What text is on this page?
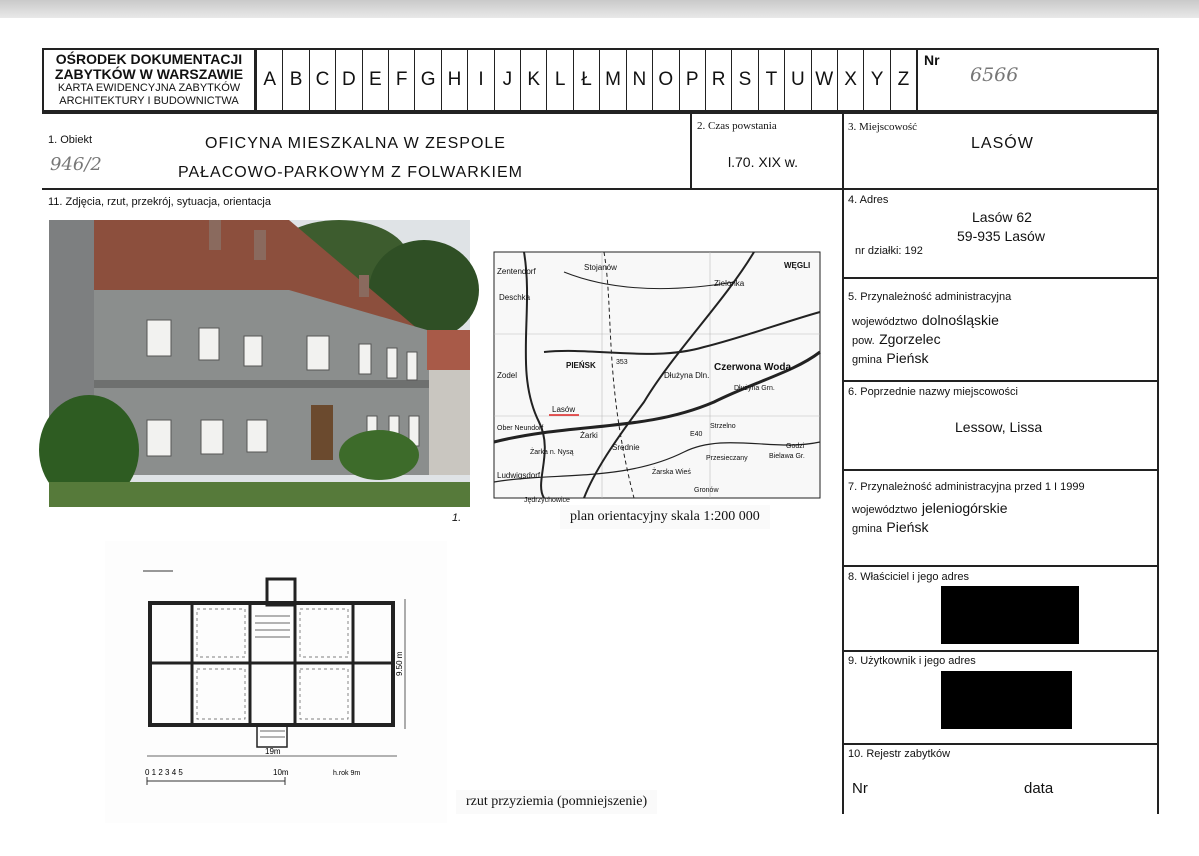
OŚRODEK DOKUMENTACJI
ZABYTKÓW W WARSZAWIE
KARTA EWIDENCYJNA ZABYTKÓW
ARCHITEKTURY I BUDOWNICTWA
A B C D E F G H I	J K L Ł M N O P R S T U W X Y Z
Nr
6566
1. Obiekt
946/2
OFICYNA MIESZKALNA W ZESPOLE
PAŁACOWO-PARKOWYM Z FOLWARKIEM
2. Czas powstania
l.70. XIX w.
3. Miejscowość
LASÓW
4. Adres
Lasów 62
59-935 Lasów
nr działki: 192
5. Przynależność administracyjna
województwo dolnośląskie
pow. Zgorzelec
gmina Pieńsk
6. Poprzednie nazwy miejscowości
Lessow, Lissa
7. Przynależność administracyjna przed 1 I 1999
województwo jeleniogórskie
gmina Pieńsk
8. Właściciel i jego adres
9. Użytkownik i jego adres
10. Rejestr zabytków
Nr	data
11. Zdjęcia, rzut, przekrój, sytuacja, orientacja
1.
Zentendorf
Deschka
Stojanów
Zielonka
WĘGLI
PIEŃSK	Czerwona Woda
Dłużyna Dln.
Dłużyna Grn.
Zodel
Lasów
Ober Neundorf
Żarki
Średnie
Żarka n. Nysą
Przesieczany
Żarska Wieś
Ludwigsdorf
Jędrzychowice
Gronów
Strzelno
Bielawa Gr.
Godzi
353
E40
plan orientacyjny skala 1:200 000
19m
9.50 m
0 1 2 3 4 5	10m	h.rok 9m
rzut przyziemia (pomniejszenie)
